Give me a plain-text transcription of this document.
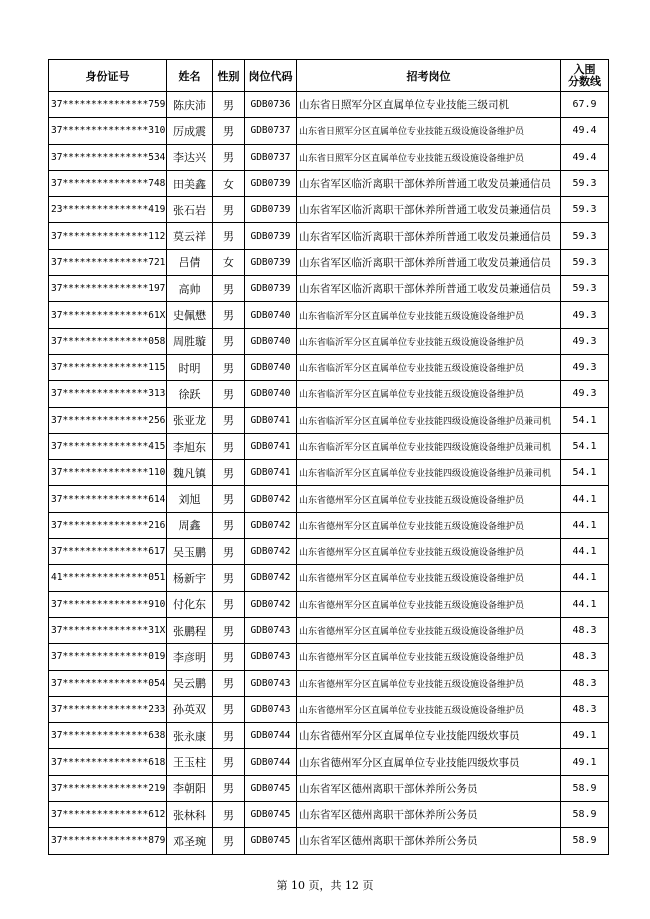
身份证号	姓名	性别	岗位代码	招考岗位	入围
分数线

37***************759	陈庆沛	男	GDB0736	山东省日照军分区直属单位专业技能三级司机	67.9
37***************310	厉成震	男	GDB0737	山东省日照军分区直属单位专业技能五级设施设备维护员	49.4
37***************534	李达兴	男	GDB0737	山东省日照军分区直属单位专业技能五级设施设备维护员	49.4
37***************748	田美鑫	女	GDB0739	山东省军区临沂离职干部休养所普通工收发员兼通信员	59.3
23***************419	张石岩	男	GDB0739	山东省军区临沂离职干部休养所普通工收发员兼通信员	59.3
37***************112	莫云祥	男	GDB0739	山东省军区临沂离职干部休养所普通工收发员兼通信员	59.3
37***************721	吕倩	女	GDB0739	山东省军区临沂离职干部休养所普通工收发员兼通信员	59.3
37***************197	高帅	男	GDB0739	山东省军区临沂离职干部休养所普通工收发员兼通信员	59.3
37***************61X	史佩懋	男	GDB0740	山东省临沂军分区直属单位专业技能五级设施设备维护员	49.3
37***************058	周胜璇	男	GDB0740	山东省临沂军分区直属单位专业技能五级设施设备维护员	49.3
37***************115	时明	男	GDB0740	山东省临沂军分区直属单位专业技能五级设施设备维护员	49.3
37***************313	徐跃	男	GDB0740	山东省临沂军分区直属单位专业技能五级设施设备维护员	49.3
37***************256	张亚龙	男	GDB0741	山东省临沂军分区直属单位专业技能四级设施设备维护员兼司机	54.1
37***************415	李旭东	男	GDB0741	山东省临沂军分区直属单位专业技能四级设施设备维护员兼司机	54.1
37***************110	魏凡镇	男	GDB0741	山东省临沂军分区直属单位专业技能四级设施设备维护员兼司机	54.1
37***************614	刘旭	男	GDB0742	山东省德州军分区直属单位专业技能五级设施设备维护员	44.1
37***************216	周鑫	男	GDB0742	山东省德州军分区直属单位专业技能五级设施设备维护员	44.1
37***************617	吴玉鹏	男	GDB0742	山东省德州军分区直属单位专业技能五级设施设备维护员	44.1
41***************051	杨新宇	男	GDB0742	山东省德州军分区直属单位专业技能五级设施设备维护员	44.1
37***************910	付化东	男	GDB0742	山东省德州军分区直属单位专业技能五级设施设备维护员	44.1
37***************31X	张鹏程	男	GDB0743	山东省德州军分区直属单位专业技能五级设施设备维护员	48.3
37***************019	李彦明	男	GDB0743	山东省德州军分区直属单位专业技能五级设施设备维护员	48.3
37***************054	吴云鹏	男	GDB0743	山东省德州军分区直属单位专业技能五级设施设备维护员	48.3
37***************233	孙英双	男	GDB0743	山东省德州军分区直属单位专业技能五级设施设备维护员	48.3
37***************638	张永康	男	GDB0744	山东省德州军分区直属单位专业技能四级炊事员	49.1
37***************618	王玉柱	男	GDB0744	山东省德州军分区直属单位专业技能四级炊事员	49.1
37***************219	李朝阳	男	GDB0745	山东省军区德州离职干部休养所公务员	58.9
37***************612	张林科	男	GDB0745	山东省军区德州离职干部休养所公务员	58.9
37***************879	邓圣琬	男	GDB0745	山东省军区德州离职干部休养所公务员	58.9
第 10 页，共 12 页
